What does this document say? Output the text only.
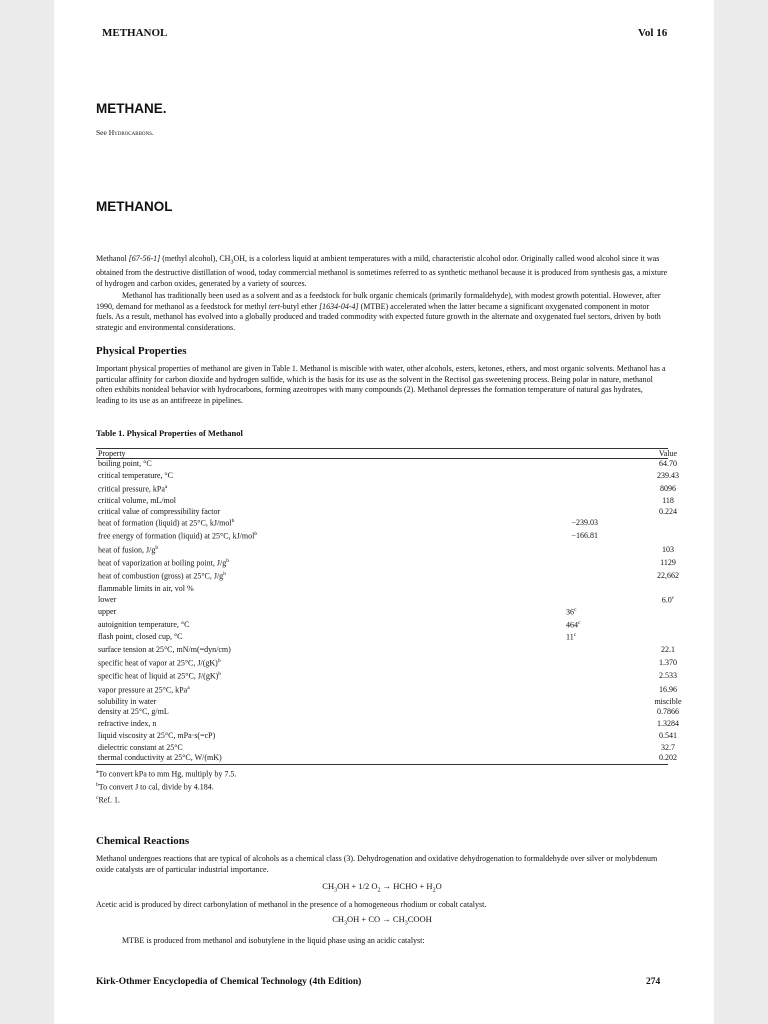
METHANOL	Vol 16
METHANE.
See Hydrocarbons.
METHANOL
Methanol [67-56-1] (methyl alcohol), $CH_3OH$, is a colorless liquid at ambient temperatures with a mild, characteristic alcohol odor. Originally called wood alcohol since it was obtained from the destructive distillation of wood, today commercial methanol is sometimes referred to as synthetic methanol because it is produced from synthesis gas, a mixture of hydrogen and carbon oxides, generated by a variety of sources.
Methanol has traditionally been used as a solvent and as a feedstock for bulk organic chemicals (primarily formaldehyde), with modest growth potential. However, after 1990, demand for methanol as a feedstock for methyl tert-butyl ether [1634-04-4] (MTBE) accelerated when the latter became a significant oxygenated component in motor fuels. As a result, methanol has evolved into a globally produced and traded commodity with expected future growth in the alternate and oxygenated fuel sectors, driven by both strategic and environmental considerations.
Physical Properties
Important physical properties of methanol are given in Table 1. Methanol is miscible with water, other alcohols, esters, ketones, ethers, and most organic solvents. Methanol has a particular affinity for carbon dioxide and hydrogen sulfide, which is the basis for its use as the solvent in the Rectisol gas sweetening process. Being polar in nature, methanol often exhibits nonideal behavior with hydrocarbons, forming azeotropes with many compounds (2). Methanol depresses the formation temperature of natural gas hydrates, leading to its use as an antifreeze in pipelines.
Table 1. Physical Properties of Methanol
Property	Value
boiling point, °C	64.70
critical temperature, °C	239.43
critical pressure, kPa$^a$	8096
critical volume, mL/mol	118
critical value of compressibility factor	0.224
heat of formation (liquid) at 25°C, kJ/mol$^b$	−239.03
free energy of formation (liquid) at 25°C, kJ/mol$^b$	−166.81
heat of fusion, $J/g^b$	103
heat of vaporization at boiling point, $J/g^b$	1129
heat of combustion (gross) at 25°C, $J/g^b$	22,662
flammable limits in air, vol %
lower	6.0$^c$
upper	36$^c$
autoignition temperature, °C	464$^c$
flash point, closed cup, °C	11$^c$
surface tension at 25°C, mN/m(=dyn/cm)	22.1
specific heat of vapor at 25°C, J/(gK)$^b$	1.370
specific heat of liquid at 25°C, J/(gK)$^b$	2.533
vapor pressure at 25°C, kPa$^a$	16.96
solubility in water	miscible
density at 25°C, g/mL	0.7866
refractive index, n	1.3284
liquid viscosity at 25°C, mPa·s(=cP)	0.541
dielectric constant at 25°C	32.7
thermal conductivity at 25°C, W/(mK)	0.202
$^a$To convert kPa to mm Hg, multiply by 7.5.
$^b$To convert J to cal, divide by 4.184.
$^c$Ref. 1.
Chemical Reactions
Methanol undergoes reactions that are typical of alcohols as a chemical class (3). Dehydrogenation and oxidative dehydrogenation to formaldehyde over silver or molybdenum oxide catalysts are of particular industrial importance.
$CH_3OH + 1/2$ $O_2$ → HCHO + $H_2O$
Acetic acid is produced by direct carbonylation of methanol in the presence of a homogeneous rhodium or cobalt catalyst.
$CH_3OH$ + CO → $CH_3COOH$
MTBE is produced from methanol and isobutylene in the liquid phase using an acidic catalyst:
Kirk-Othmer Encyclopedia of Chemical Technology (4th Edition)	274
